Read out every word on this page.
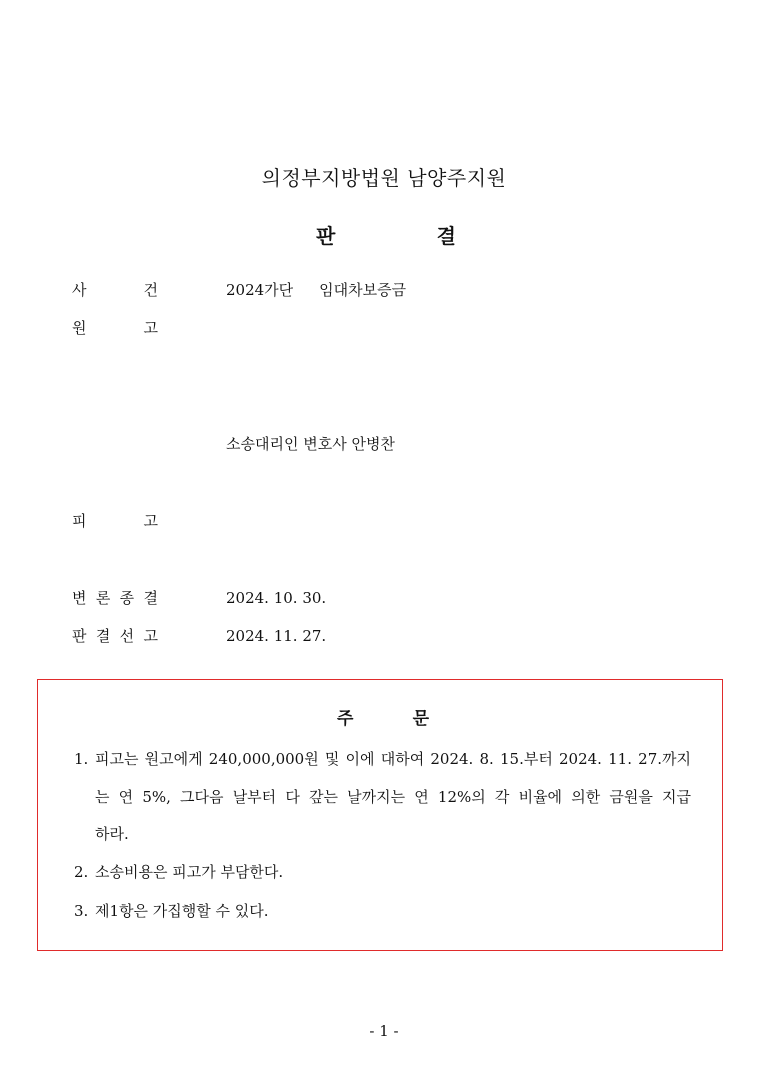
의정부지방법원 남양주지원
판	결
사	건	2024가단 임대차보증금
원	고
소송대리인 변호사 안병찬
피	고
변 론 종 결	2024. 10. 30.
판 결 선 고	2024. 11. 27.
주	문
1. 피고는 원고에게 240,000,000원 및 이에 대하여 2024. 8. 15.부터 2024. 11. 27.까지
는 연 5%, 그다음 날부터 다 갚는 날까지는 연 12%의 각 비율에 의한 금원을 지급
하라.
2. 소송비용은 피고가 부담한다.
3. 제1항은 가집행할 수 있다.
- 1 -
